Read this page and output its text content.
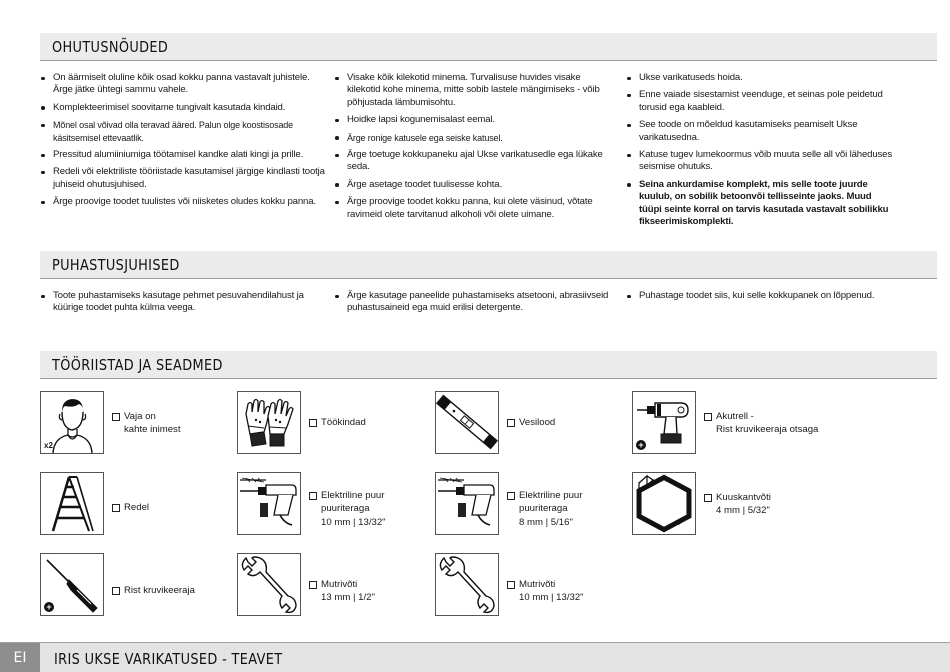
OHUTUSNÕUDED
On äärmiselt oluline kõik osad kokku panna vastavalt juhistele. Ärge jätke ühtegi sammu vahele.
Komplekteerimisel soovitame tungivalt kasutada kindaid.
Mõnel osal võivad olla teravad ääred. Palun olge koostisosade käsitsemisel ettevaatlik.
Pressitud alumiiniumiga töötamisel kandke alati kingi ja prille.
Redeli või elektriliste tööriistade kasutamisel järgige kindlasti tootja juhiseid ohutusjuhised.
Ärge proovige toodet tuulistes või niisketes oludes kokku panna.
Visake kõik kilekotid minema. Turvalisuse huvides visake kilekotid kohe minema, mitte sobib lastele mängimiseks - võib põhjustada lämbumisohtu.
Hoidke lapsi kogunemisalast eemal.
Ärge ronige katusele ega seiske katusel.
Ärge toetuge kokkupaneku ajal Ukse varikatusedle ega lükake seda.
Ärge asetage toodet tuulisesse kohta.
Ärge proovige toodet kokku panna, kui olete väsinud, võtate ravimeid olete tarvitanud alkoholi või olete uimane.
Ukse varikatuseds hoida.
Enne vaiade sisestamist veenduge, et seinas pole peidetud torusid ega kaableid.
See toode on mõeldud kasutamiseks peamiselt Ukse varikatusedna.
Katuse tugev lumekoormus võib muuta selle all või läheduses seismise ohutuks.
Seina ankurdamise komplekt, mis selle toote juurde kuulub, on sobilik betoonvõi tellisseinte jaoks. Muud tüüpi seinte korral on tarvis kasutada vastavalt sobilikku fikseerimiskomplekti.
PUHASTUSJUHISED
Toote puhastamiseks kasutage pehmet pesuvahendilahust ja küürige toodet puhta külma veega.
Ärge kasutage paneelide puhastamiseks atsetooni, abrasiivseid puhastusaineid ega muid erilisi detergente.
Puhastage toodet siis, kui selle kokkupanek on lõppenud.
TÖÖRIISTAD JA SEADMED
x2
Vaja on
kahte inimest
Töökindad	Vesilood
+
Akutrell -
Rist kruvikeeraja otsaga
Redel
Elektriline puur
puuriteraga
10 mm | 13/32"
Elektriline puur
puuriteraga
8 mm | 5/16"
Kuuskantvõti
4 mm | 5/32"
+
Rist kruvikeeraja
Mutrivõti
13 mm | 1/2"
Mutrivõti
10 mm | 13/32"
EI	IRIS UKSE VARIKATUSED - TEAVET
